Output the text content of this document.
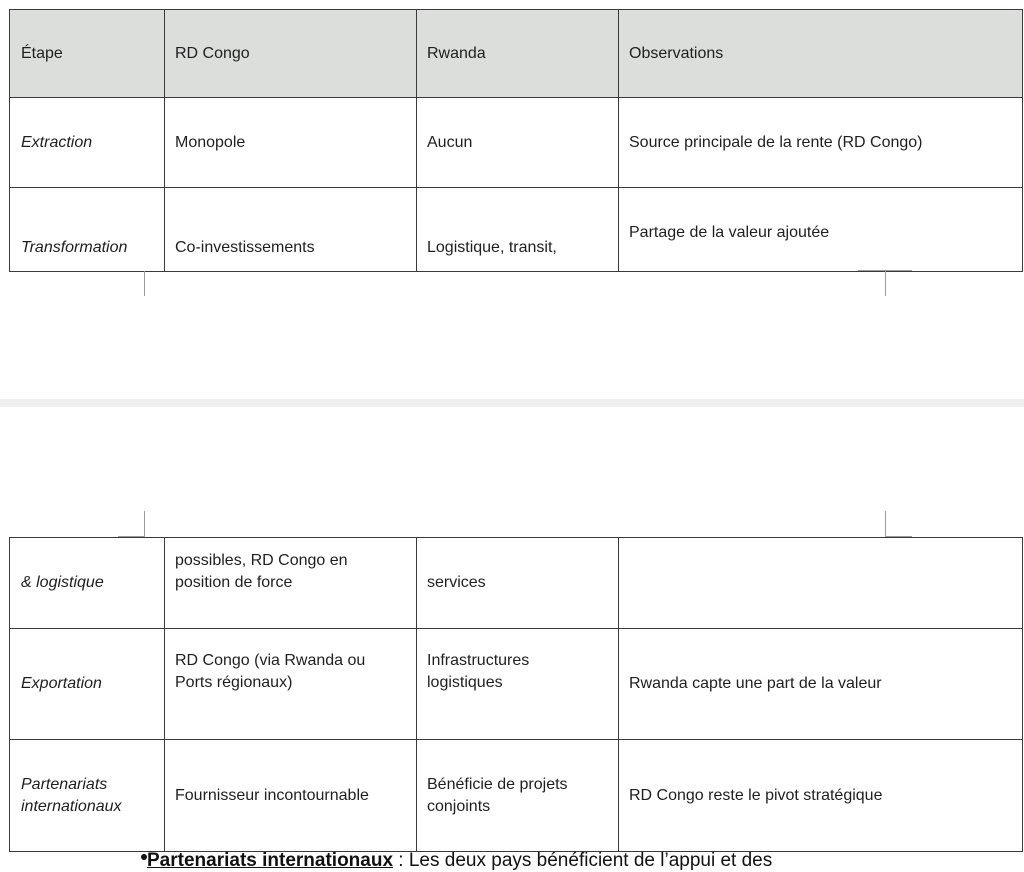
Étape	RD Congo	Rwanda	Observations
Extraction	Monopole	Aucun	Source principale de la rente (RD Congo)
Transformation	Co-investissements	Logistique, transit,	Partage de la valeur ajoutée
& logistique	possibles, RD Congo en position de force	services	
Exportation	RD Congo (via Rwanda ou Ports régionaux)	Infrastructures logistiques	Rwanda capte une part de la valeur
Partenariats internationaux	Fournisseur incontournable	Bénéficie de projets conjoints	RD Congo reste le pivot stratégique
Partenariats internationaux : Les deux pays bénéficient de l’appui et des
